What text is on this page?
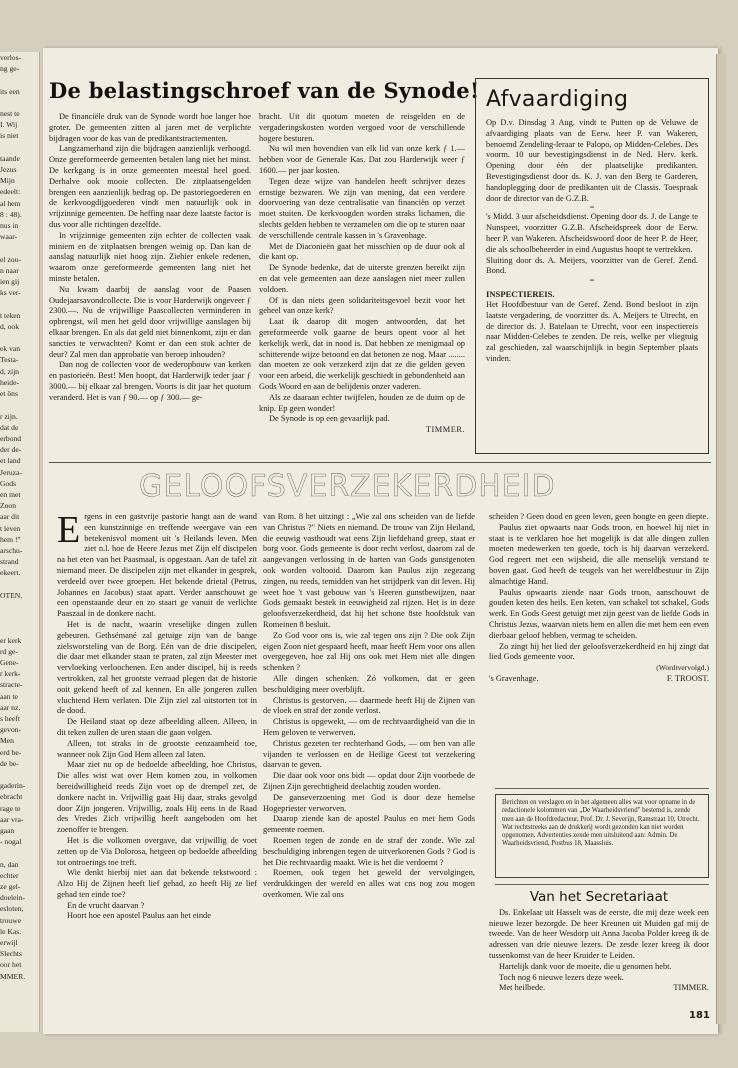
verlos-
ng ge-

its een

nest te
I. Wij
is niet

taande
Jezus
Mijn
edeelt:
al hem
8 : 48).
nus in
waar-

el zou-
n naar
ien gij
ks ver-

t teken
d, ook

ek van
Testa-
d, zijn
heide-
et öns

r zijn.
dat de
erbond
der de-
et land
Jeruza-
Gods
en met
Zoon
aar dit
t leven
hem !"
arschu-
strand
ekeert.

OTEN.

er kerk
rd ge-
Gene-
r kerk-
stracte-
aan te
aar nz.
s heeft
gevon-
Men
erd be-
de be-

gaderin-
ebracht
rage te
aar vra-
gaan
- nogal

n, dan
echter
ze gel-
doelein-
esloten,
trouwe
le Kas.
erwijl
Slechts
oor het
MMER.
De belastingschroef van de Synode!

De financiële druk van de Synode wordt hoe langer hoe groter. De gemeenten zitten al jaren met de verplichte bijdragen voor de kas van de predikantstractementen.

Langzamerhand zijn die bijdragen aanzienlijk verhoogd. Onze gereformeerde gemeenten betalen lang niet het minst. De kerkgang is in onze gemeenten meestal heel goed. Derhalve ook mooie collecten. De zitplaatsengelden brengen een aanzienlijk bedrag op. De pastoriegoederen en de kerkvoogdijgoederen vindt men natuurlijk ook in vrijzinnige gemeenten. De heffing naar deze laatste factor is dus voor alle richtingen dezelfde.

In vrijzinnige gemeenten zijn echter de collecten vaak miniem en de zitplaatsen brengen weinig op. Dan kan de aanslag natuurlijk niet hoog zijn. Ziehier enkele redenen, waarom onze gereformeerde gemeenten lang niet het minste betalen.

Nu kwam daarbij de aanslag voor de Paasen Oudejaarsavondcollecte. Die is voor Harderwijk ongeveer ƒ 2300.—. Nu de vrijwillige Paascollecten verminderen in opbrengst, wil men het geld door vrijwillige aanslagen bij elkaar brengen. En als dat geld niet binnenkomt, zijn er dan sancties te verwachten? Komt er dan een stok achter de deur? Zal men dan approbatie van beroep inhouden?

Dan nog de collecten voor de wederopbouw van kerken en pastorieën. Best! Men hoopt, dat Harderwijk ieder jaar ƒ 3000.— bij elkaar zal brengen. Voorts is dit jaar het quotum veranderd. Het is van ƒ 90.— op ƒ 300.— ge-

bracht. Uit dit quotum moeten de reisgelden en de vergaderingskosten worden vergoed voor de verschillende hogere besturen.

Nu wil men bovendien van elk lid van onze kerk ƒ 1.— hebben voor de Generale Kas. Dat zou Harderwijk weer ƒ 1600.— per jaar kosten.

Tegen deze wijze van handelen heeft schrijver dezes ernstige bezwaren. We zijn van mening, dat een verdere doorvoering van deze centralisatie van financiën op verzet moet stuiten. De kerkvoogden worden straks lichamen, die slechts gelden hebben te verzamelen om die op te sturen naar de verschillende centrale kassen in 's Gravenhage.

Met de Diaconieën gaat het misschien op de duur ook al die kant op.

De Synode bedenke, dat de uiterste grenzen bereikt zijn en dat vele gemeenten aan deze aanslagen niet meer zullen voldoen.

Of is dan niets geen solidariteitsgevoel bezit voor het geheel van onze kerk?

Laat ik daarop dit mogen antwoorden, dat het gereformeerde volk gaarne de beurs opent voor al het kerkelijk werk, dat in nood is. Dat hebben ze menigmaal op schitterende wijze betoond en dat betonen ze nog. Maar ........ dan moeten ze ook verzekerd zijn dat ze die gelden geven voor een arbeid, die werkelijk geschiedt in gebondenheid aan Gods Woord en aan de belijdenis onzer vaderen.

Als ze daaraan echter twijfelen, houden ze de duim op de knip. Ep geen wonder!

De Synode is op een gevaarlijk pad.

TIMMER.
Afvaardiging

Op D.v. Dinsdag 3 Aug. vindt te Putten op de Veluwe de afvaardiging plaats van de Eerw. heer P. van Wakeren, benoemd Zendeling-leraar te Palopo, op Midden-Celebes. Des voorm. 10 uur bevestigingsdienst in de Ned. Herv. kerk. Opening door één der plaatselijke predikanten. Bevestigingsdienst door ds. K. J. van den Berg te Garderen, handoplegging door de predikanten uit de Classis. Toespraak door de director van de G.Z.B.

=

's Midd. 3 uur afscheidsdienst. Opening door ds. J. de Lange te Nunspeet, voorzitter G.Z.B. Afscheidspreek door de Eerw. heer P. van Wakeren. Afscheidswoord door de heer P. de Heer, die als schoolbeheerder in eind Augustus hoopt te vertrekken.

Sluiting door ds. A. Meijers, voorzitter van de Geref. Zend. Bond.

=
INSPECTIEREIS.

Het Hoofdbestuur van de Geref. Zend. Bond besloot in zijn laatste vergadering, de voorzitter ds. A. Meijers te Utrecht, en de director ds. J. Batelaan te Utrecht, voor een inspectiereis naar Midden-Celebes te zenden. De reis, welke per vliegtuig zal geschieden, zal waarschijnlijk in begin September plaats vinden.

GELOOFSVERZEKERDHEID

Ergens in een gastvrije pastorie hangt aan de wand een kunstzinnige en treffende weergave van een betekenisvol moment uit 's Heilands leven. Men ziet n.l. hoe de Heere Jezus met Zijn elf discipelen na het eten van het Paasmaal, is opgestaan. Aan de tafel zit niemand meer. De discipelen zijn met elkander in gesprek, verdeeld over twee groepen. Het bekende drietal (Petrus, Johannes en Jacobus) staat apart. Verder aanschouwt ge een openstaande deur en zo staart ge vanuit de verlichte Paaszaal in de donkere nacht.

Het is de nacht, waarin vreselijke dingen zullen gebeuren. Gethsémané zal getuige zijn van de bange zielsworsteling van de Borg. Eén van de drie discipelen, die daar met elkander staan te praten, zal zijn Meester met vervloeking verloochenen. Een ander discipel, hij is reeds vertrokken, zal het grootste verraad plegen dat de historie ooit gekend heeft of zal kennen. En alle jongeren zullen vluchtend Hem verlaten. Die Zijn ziel zal uitstorten tot in de dood.

De Heiland staat op deze afbeelding alleen. Alleen, in dit teken zullen de uren staan die gaan volgen.

Alleen, tot straks in de grootste eenzaamheid toe, wanneer ook Zijn God Hem alleen zal laten.

Maar ziet nu op de bedoelde afbeelding, hoe Christus, Die alles wist wat over Hem komen zou, in volkomen bereidwilligheid reeds Zijn voet op de drempel zet, de donkere nacht in. Vrijwillig gaat Hij daar, straks gevolgd door Zijn jongeren. Vrijwillig, zoals Hij eens in de Raad des Vredes Zich vrijwillig heeft aangeboden om het zoenoffer te brengen.

Het is die volkomen overgave, dat vrijwillig de voet zetten op de Via Dolorosa, hetgeen op bedoelde afbeelding tot ontroerings toe treft.

Wie denkt hierbij niet aan dat bekende tekstwoord : Alzo Hij de Zijnen heeft lief gehad, zo heeft Hij ze lief gehad ten einde toe?

En de vrucht daarvan ?

Hoort hoe een apostel Paulus aan het einde

van Rom. 8 het uitzingt : „Wie zal ons scheiden van de liefde van Christus ?" Niets en niemand. De trouw van Zijn Heiland, die eeuwig vasthoudt wat eens Zijn liefdehand greep, staat er borg voor. Gods gemeente is door recht verlost, daarom zal de aangevangen verlossing in de harten van Gods gunstgenoten ook worden voltooid. Daarom kan Paulus zijn zegezang zingen, nu reeds, temidden van het strijdperk van dit leven. Hij weet hoe 't vast gebouw van 's Heeren gunstbewijzen, naar Gods gemaakt bestek in eeuwigheid zal rijzen. Het is in deze geloofsverzekerdheid, dat hij het schone 8ste hoofdstuk van Romeinen 8 besluit.

Zo God voor ons is, wie zal tegen ons zijn ? Die ook Zijn eigen Zoon niet gespaard heeft, maar heeft Hem voor ons allen overgegeven, hoe zal Hij ons ook met Hem niet alle dingen schenken ?

Alle dingen schenken. Zó volkomen, dat er geen beschuldiging meer overblijft.

Christus is gestorven. — daarmede heeft Hij de Zijnen van de vloek en straf der zonde verlost.

Christus is opgewekt, — om de rechtvaardigheid van die in Hem geloven te verwerven.

Christus gezeten ter rechterhand Gods, — om hen van alle vijanden te verlossen en de Heilige Geest tot verzekering daarvan te geven.

Die daar ook voor ons bidt — opdat door Zijn voorbede de Zijnen Zijn gerechtigheid deelachtig zouden worden.

De ganseverzoening met God is door deze hemelse Hogepriester verworven.

Daarop ziende kan de apostel Paulus en met hem Gods gemeente roemen.

Roemen tegen de zonde en de straf der zonde. Wie zal beschuldiging inbrengen tegen de uitverkorenen Gods ? God is het Die rechtvaardig maakt. Wie is het die verdoemt ?

Roemen, ook tegen het geweld der vervolgingen, verdrukkingen der wereld en alles wat cns nog zou mogen overkomen. Wie zal ons

scheiden ? Geen dood en geen leven, geen hoogte en geen diepte.

Paulus ziet opwaarts naar Gods troon, en hoewel hij niet in staat is te verklaren hoe het mogelijk is dat alle dingen zullen moeten medewerken ten goede, toch is hij daarvan verzekerd. God regeert met een wijsheid, die alle menselijk verstand te boven gaat. God heeft de teugels van het wereldbestuur in Zijn almachtige Hand.

Paulus opwaarts ziende naar Gods troon, aanschouwt de gouden keten des heils. Een keten, van schakel tot schakel, Gods werk. En Gods Geest getuigt met zijn geest van de liefde Gods in Christus Jezus, waarvan niets hem en allen die met hem een even dierbaar geloof hebben, vermag te scheiden.

Zo zingt hij het lied der geloofsverzekerdheid en hij zingt dat lied Gods gemeente voor.

(Wordtvervolgd.)
's Gravenhage.	F. TROOST.

Berichten en verslagen en in het algemeen alles wat voor opname in de redactionele kolommen van „De Waarheidsvriend" bestemd is, zende men aan de Hoofdredacteur, Prof. Dr. J. Severijn, Ramstraat 10, Utrecht. Wat rechtstreeks aan de drukkerij wordt gezonden kan niet worden opgenomen. Advertenties zende men uitsluitend aan: Admin. De Waarheidsvriend, Postbus 18, Maassluis.

Van het Secretariaat

Ds. Enkelaar uit Hasselt was de eerste, die mij deze week een nieuwe lezer bezorgde. De heer Kreunen uit Muiden gaf mij de tweede. Van de heer Wesdorp uit Anna Jacoba Polder kreeg ik de adressen van drie nieuwe lezers. De zesde lezer kreeg ik door tussenkomst van de heer Kruider te Leiden.

Hartelijk dank voor de moeite, die u genomen hebt.

Toch nog 6 nieuwe lezers deze week.

Met heilbede.	TIMMER.
181
